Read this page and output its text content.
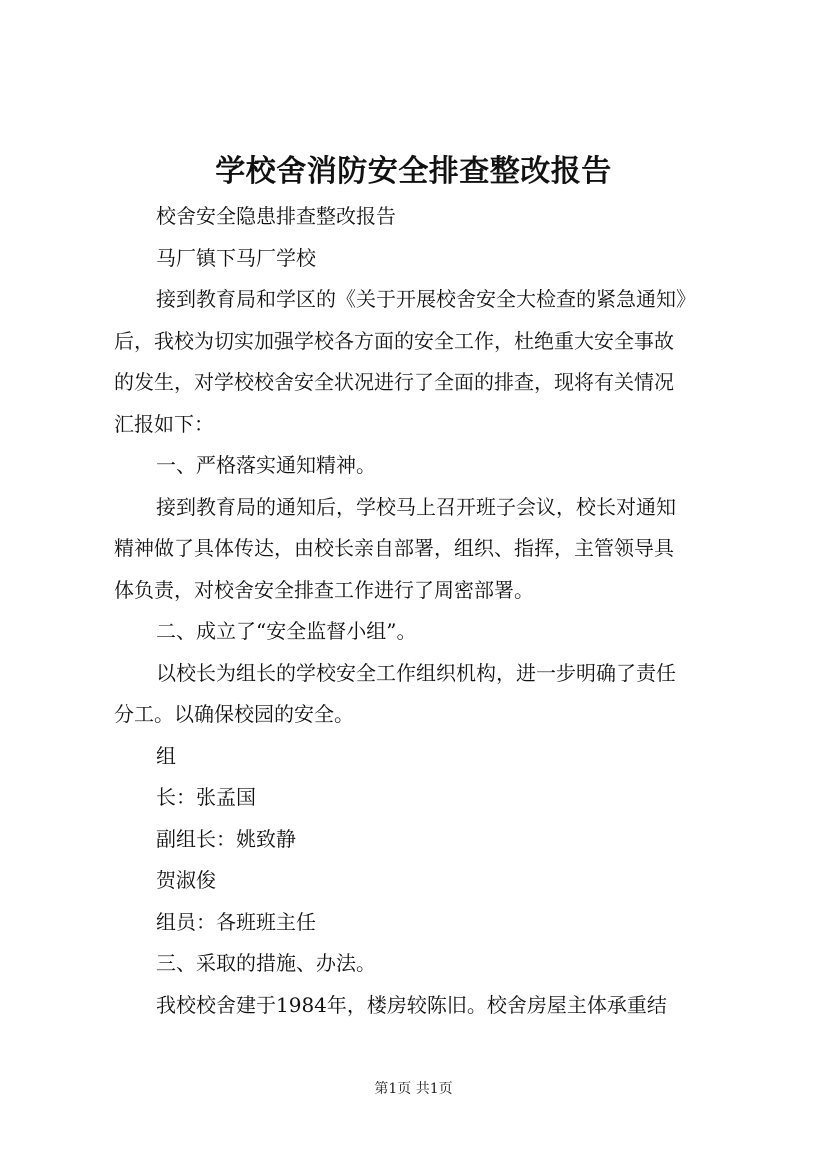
学校舍消防安全排查整改报告

校舍安全隐患排查整改报告

马厂镇下马厂学校

接到教育局和学区的《关于开展校舍安全大检查的紧急通知》
后，我校为切实加强学校各方面的安全工作，杜绝重大安全事故
的发生，对学校校舍安全状况进行了全面的排查，现将有关情况
汇报如下：

一、严格落实通知精神。

接到教育局的通知后，学校马上召开班子会议，校长对通知
精神做了具体传达，由校长亲自部署，组织、指挥，主管领导具
体负责，对校舍安全排查工作进行了周密部署。

二、成立了“安全监督小组”。

以校长为组长的学校安全工作组织机构，进一步明确了责任
分工。以确保校园的安全。

组

长：张孟国

副组长：姚致静

贺淑俊

组员：各班班主任

三、采取的措施、办法。

我校校舍建于1984年，楼房较陈旧。校舍房屋主体承重结

第1页 共1页
